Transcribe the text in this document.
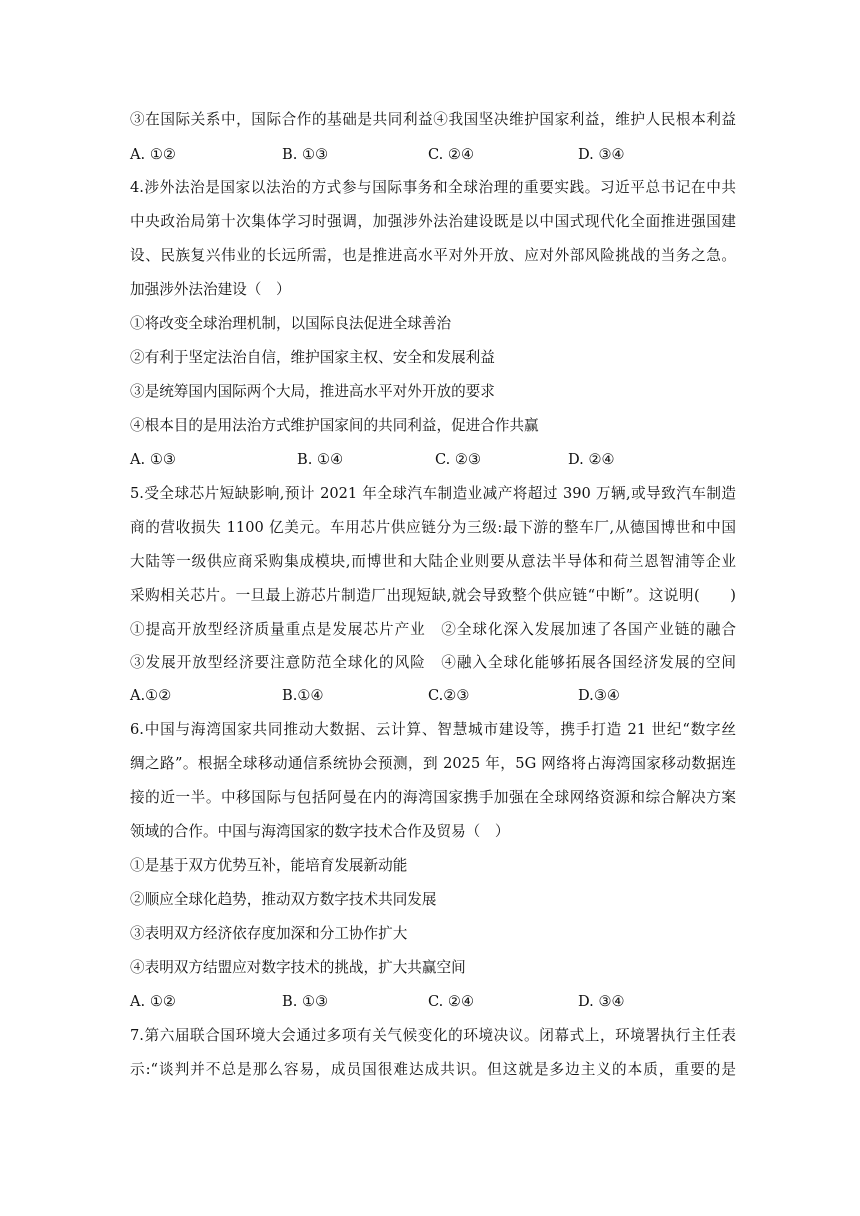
③在国际关系中，国际合作的基础是共同利益④我国坚决维护国家利益，维护人民根本利益
A. ①②	B. ①③	C. ②④	D. ③④
4.涉外法治是国家以法治的方式参与国际事务和全球治理的重要实践。习近平总书记在中共
中央政治局第十次集体学习时强调，加强涉外法治建设既是以中国式现代化全面推进强国建
设、民族复兴伟业的长远所需，也是推进高水平对外开放、应对外部风险挑战的当务之急。
加强涉外法治建设（　）
①将改变全球治理机制，以国际良法促进全球善治
②有利于坚定法治自信，维护国家主权、安全和发展利益
③是统筹国内国际两个大局，推进高水平对外开放的要求
④根本目的是用法治方式维护国家间的共同利益，促进合作共赢
A. ①③	B. ①④	C. ②③	D. ②④
5.受全球芯片短缺影响,预计 2021 年全球汽车制造业减产将超过 390 万辆,或导致汽车制造
商的营收损失 1100 亿美元。车用芯片供应链分为三级:最下游的整车厂,从德国博世和中国
大陆等一级供应商采购集成模块,而博世和大陆企业则要从意法半导体和荷兰恩智浦等企业
采购相关芯片。一旦最上游芯片制造厂出现短缺,就会导致整个供应链“中断”。这说明(　　)
①提高开放型经济质量重点是发展芯片产业　②全球化深入发展加速了各国产业链的融合
③发展开放型经济要注意防范全球化的风险　④融入全球化能够拓展各国经济发展的空间
A.①②	B.①④	C.②③	D.③④
6.中国与海湾国家共同推动大数据、云计算、智慧城市建设等，携手打造 21 世纪“数字丝
绸之路”。根据全球移动通信系统协会预测，到 2025 年，5G 网络将占海湾国家移动数据连
接的近一半。中移国际与包括阿曼在内的海湾国家携手加强在全球网络资源和综合解决方案
领域的合作。中国与海湾国家的数字技术合作及贸易（　）
①是基于双方优势互补，能培育发展新动能
②顺应全球化趋势，推动双方数字技术共同发展
③表明双方经济依存度加深和分工协作扩大
④表明双方结盟应对数字技术的挑战，扩大共赢空间
A. ①②	B. ①③	C. ②④	D. ③④
7.第六届联合国环境大会通过多项有关气候变化的环境决议。闭幕式上，环境署执行主任表
示:“谈判并不总是那么容易，成员国很难达成共识。但这就是多边主义的本质，重要的是
